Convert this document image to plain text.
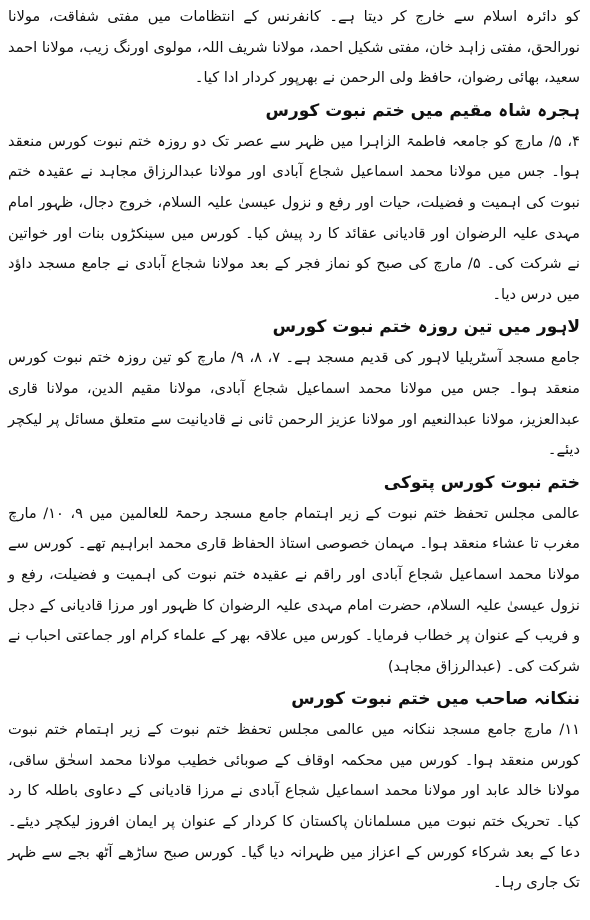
کو دائرہ اسلام سے خارج کر دیتا ہے۔ کانفرنس کے انتظامات میں مفتی شفاقت، مولانا نورالحق، مفتی زاہد خان، مفتی شکیل احمد، مولانا شریف اللہ، مولوی اورنگ زیب، مولانا احمد سعید، بھائی رضوان، حافظ ولی الرحمن نے بھرپور کردار ادا کیا۔

ہجرہ شاہ مقیم میں ختم نبوت کورس

۴، ۵/ مارچ کو جامعہ فاطمۃ الزاہرا میں ظہر سے عصر تک دو روزہ ختم نبوت کورس منعقد ہوا۔ جس میں مولانا محمد اسماعیل شجاع آبادی اور مولانا عبدالرزاق مجاہد نے عقیدہ ختم نبوت کی اہمیت و فضیلت، حیات اور رفع و نزول عیسیٰ علیہ السلام، خروج دجال، ظہور امام مہدی علیہ الرضوان اور قادیانی عقائد کا رد پیش کیا۔ کورس میں سینکڑوں بنات اور خواتین نے شرکت کی۔ ۵/ مارچ کی صبح کو نماز فجر کے بعد مولانا شجاع آبادی نے جامع مسجد داؤد میں درس دیا۔

لاہور میں تین روزہ ختم نبوت کورس

جامع مسجد آسٹریلیا لاہور کی قدیم مسجد ہے۔ ۷، ۸، ۹/ مارچ کو تین روزہ ختم نبوت کورس منعقد ہوا۔ جس میں مولانا محمد اسماعیل شجاع آبادی، مولانا مقیم الدین، مولانا قاری عبدالعزیز، مولانا عبدالنعیم اور مولانا عزیز الرحمن ثانی نے قادیانیت سے متعلق مسائل پر لیکچر دیئے۔

ختم نبوت کورس پتوکی

عالمی مجلس تحفظ ختم نبوت کے زیر اہتمام جامع مسجد رحمۃ للعالمین میں ۹، ۱۰/ مارچ مغرب تا عشاء منعقد ہوا۔ مہمان خصوصی استاذ الحفاظ قاری محمد ابراہیم تھے۔ کورس سے مولانا محمد اسماعیل شجاع آبادی اور راقم نے عقیدہ ختم نبوت کی اہمیت و فضیلت، رفع و نزول عیسیٰ علیہ السلام، حضرت امام مہدی علیہ الرضوان کا ظہور اور مرزا قادیانی کے دجل و فریب کے عنوان پر خطاب فرمایا۔ کورس میں علاقہ بھر کے علماء کرام اور جماعتی احباب نے شرکت کی۔ (عبدالرزاق مجاہد)

ننکانہ صاحب میں ختم نبوت کورس

۱۱/ مارچ جامع مسجد ننکانہ میں عالمی مجلس تحفظ ختم نبوت کے زیر اہتمام ختم نبوت کورس منعقد ہوا۔ کورس میں محکمہ اوقاف کے صوبائی خطیب مولانا محمد اسحٰق ساقی، مولانا خالد عابد اور مولانا محمد اسماعیل شجاع آبادی نے مرزا قادیانی کے دعاوی باطلہ کا رد کیا۔ تحریک ختم نبوت میں مسلمانان پاکستان کا کردار کے عنوان پر ایمان افروز لیکچر دیئے۔ دعا کے بعد شرکاء کورس کے اعزاز میں ظہرانہ دیا گیا۔ کورس صبح ساڑھے آٹھ بجے سے ظہر تک جاری رہا۔
